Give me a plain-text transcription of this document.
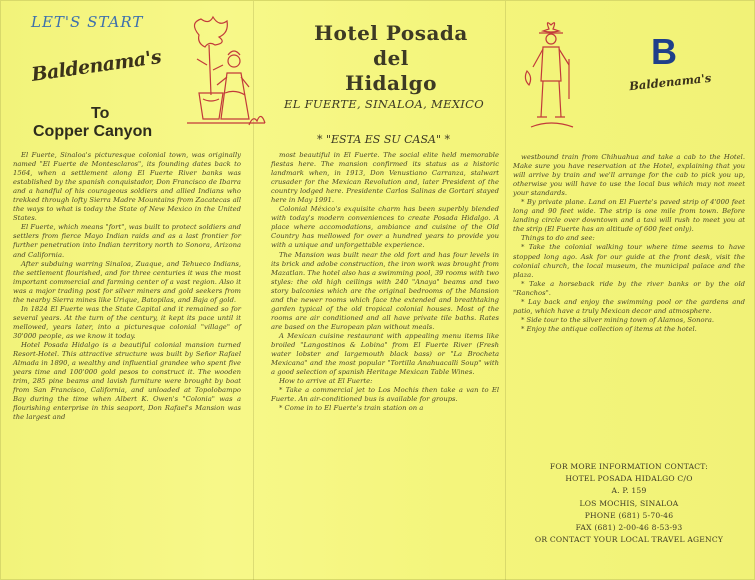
LET'S START
Baldenama's
To
Copper Canyon
Hotel Posada
del
Hidalgo
EL FUERTE, SINALOA, MEXICO
* "ESTA ES SU CASA" *
B
Baldenama's

El Fuerte, Sinaloa's picturesque colonial town, was originally named "El Fuerte de Montesclaros", its founding dates back to 1564, when a settlement along El Fuerte River banks was established by the spanish conquistador, Don Francisco de Ibarra and a handful of his courageous soldiers and allied Indians who trekked through lofty Sierra Madre Mountains from Zacatecas all the ways to what is today the State of New Mexico in the United States.

El Fuerte, which means "fort", was built to protect soldiers and settlers from fierce Mayo Indian raids and as a last frontier for further penetration into Indian territory north to Sonora, Arizona and California.

After subduing warring Sinaloa, Zuaque, and Tehueco Indians, the settlement flourished, and for three centuries it was the most important commercial and farming center of a vast region. Also it was a major trading post for silver miners and gold seekers from the nearby Sierra mines like Urique, Batopilas, and Baja of gold.

In 1824 El Fuerte was the State Capital and it remained so for several years. At the turn of the century, it kept its pace until it mellowed, years later, into a picturesque colonial "village" of 30'000 people, as we know it today.

Hotel Posada Hidalgo is a beautiful colonial mansion turned Resort-Hotel. This attractive structure was built by Señor Rafael Almada in 1890, a wealthy and influential grandee who spent five years time and 100'000 gold pesos to construct it. The wooden trim, 285 pine beams and lavish furniture were brought by boat from San Francisco, California, and unloaded at Topolobampo Bay during the time when Albert K. Owen's "Colonia" was a flourishing enterprise in this seaport, Don Rafael's Mansion was the largest and

most beautiful in El Fuerte. The social elite held memorable fiestas here. The mansion confirmed its status as a historic landmark when, in 1913, Don Venustiano Carranza, stalwart crusader for the Mexican Revolution and, later President of the country lodged here. Presidente Carlos Salinas de Gortari stayed here in May 1991.

Colonial México's exquisite charm has been superbly blended with today's modern conveniences to create Posada Hidalgo. A place where accomodations, ambiance and cuisine of the Old Country has mellowed for over a hundred years to provide you with a unique and unforgettable experience.

The Mansion was built near the old fort and has four levels in its brick and adobe construction, the iron work was brought from Mazatlan. The hotel also has a swimming pool, 39 rooms with two styles: the old high ceilings with 240 "Anaya" beams and two story balconies which are the original bedrooms of the Mansion and the newer rooms which face the extended and breathtaking garden typical of the old tropical colonial houses. Most of the rooms are air conditioned and all have private tile baths. Rates are based on the European plan without meals.

A Mexican cuisine restaurant with appealing menu items like broiled "Langostinos & Lobina" from El Fuerte River (Fresh water lobster and largemouth black bass) or "La Brocheta Mexicana" and the most popular "Tortilla Anahuacalli Soup" with a good selection of spanish Heritage Mexican Table Wines.

How to arrive at El Fuerte:

* Take a commercial jet to Los Mochis then take a van to El Fuerte. An air-conditioned bus is available for groups.

* Come in to El Fuerte's train station on a

westbound train from Chihuahua and take a cab to the Hotel. Make sure you have reservation at the Hotel, explaining that you will arrive by train and we'll arrange for the cab to pick you up, otherwise you will have to use the local bus which may not meet your standards.

* By private plane. Land on El Fuerte's paved strip of 4'000 feet long and 90 feet wide. The strip is one mile from town. Before landing circle over downtown and a taxi will rush to meet you at the strip (El Fuerte has an altitude of 600 feet only).

Things to do and see:

* Take the colonial walking tour where time seems to have stopped long ago. Ask for our guide at the front desk, visit the colonial church, the local museum, the municipal palace and the plaza.

* Take a horseback ride by the river banks or by the old "Ranchos".

* Lay back and enjoy the swimming pool or the gardens and patio, which have a truly Mexican decor and atmosphere.

* Side tour to the silver mining town of Alamos, Sonora.

* Enjoy the antique collection of items at the hotel.

FOR MORE INFORMATION CONTACT:
HOTEL POSADA HIDALGO C/O
A. P. 159
LOS MOCHIS, SINALOA
PHONE (681) 5-70-46
FAX (681) 2-00-46 8-53-93
OR CONTACT YOUR LOCAL TRAVEL AGENCY
